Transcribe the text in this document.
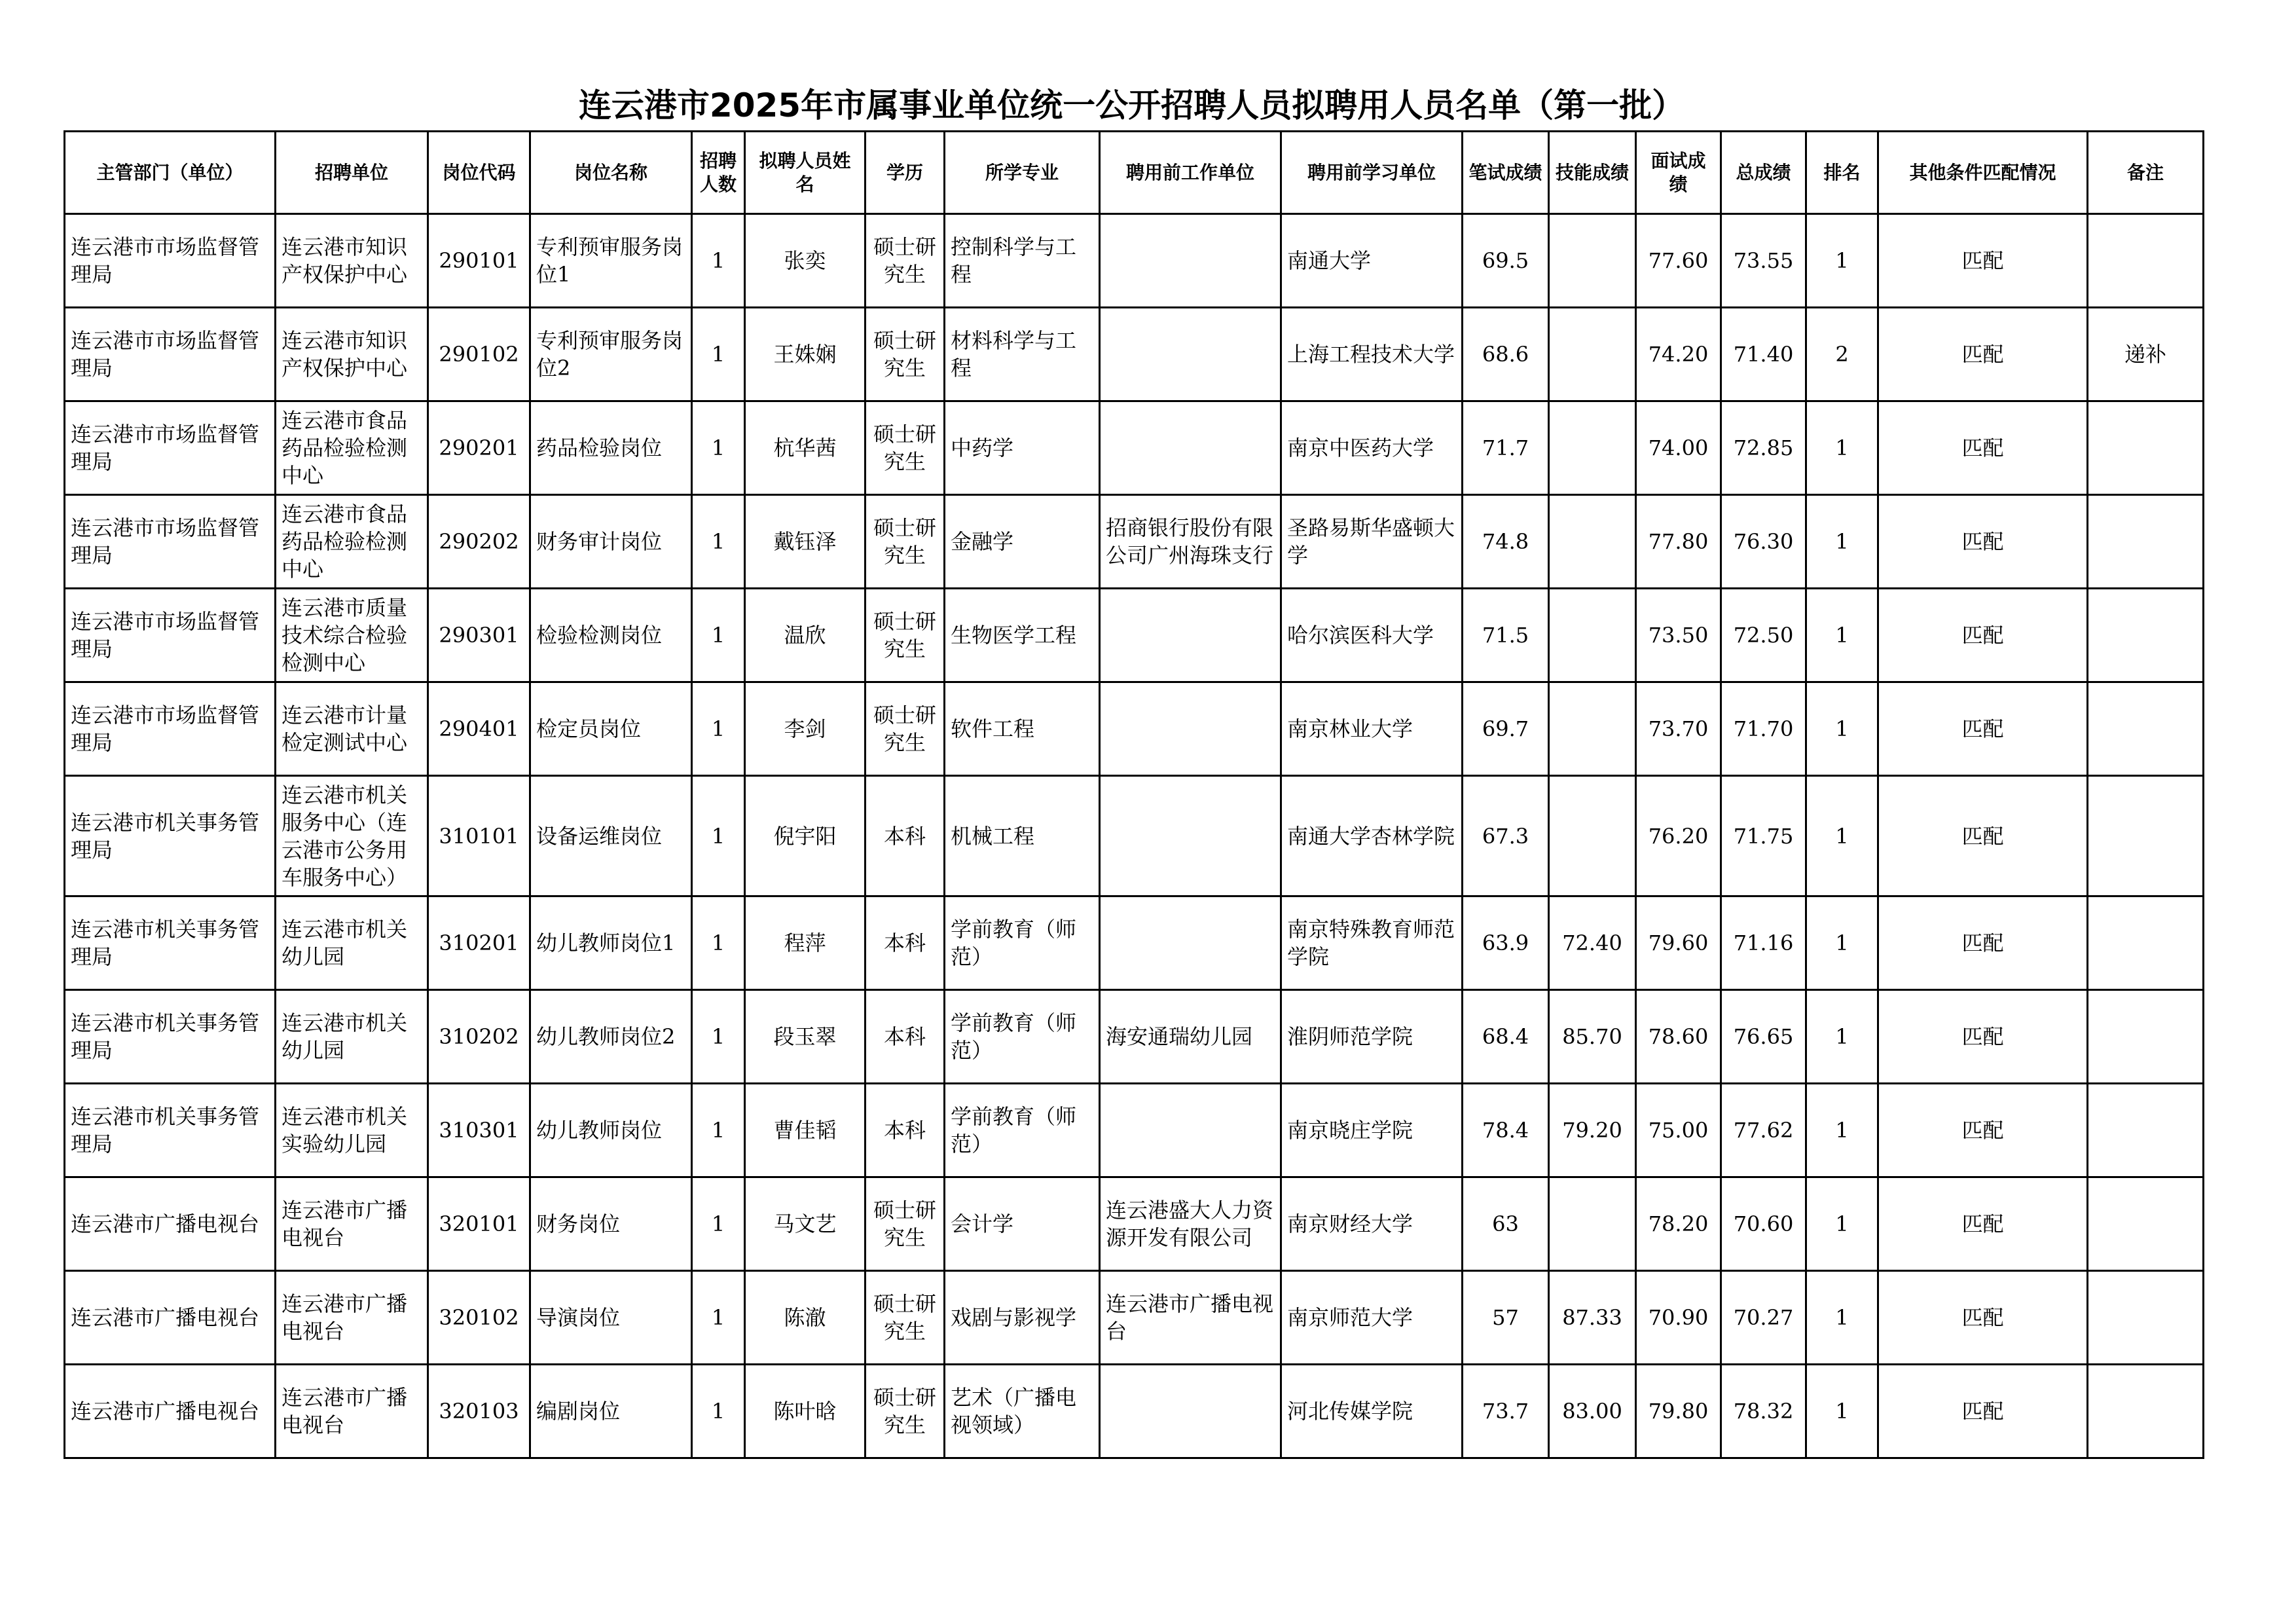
连云港市2025年市属事业单位统一公开招聘人员拟聘用人员名单（第一批）
主管部门（单位）	招聘单位	岗位代码	岗位名称	招聘人数	拟聘人员姓名	学历	所学专业	聘用前工作单位	聘用前学习单位	笔试成绩	技能成绩	面试成绩	总成绩	排名	其他条件匹配情况	备注
连云港市市场监督管理局	连云港市知识产权保护中心	290101	专利预审服务岗位1	1	张奕	硕士研究生	控制科学与工程		南通大学	69.5		77.60	73.55	1	匹配	
连云港市市场监督管理局	连云港市知识产权保护中心	290102	专利预审服务岗位2	1	王姝娴	硕士研究生	材料科学与工程		上海工程技术大学	68.6		74.20	71.40	2	匹配	递补
连云港市市场监督管理局	连云港市食品药品检验检测中心	290201	药品检验岗位	1	杭华茜	硕士研究生	中药学		南京中医药大学	71.7		74.00	72.85	1	匹配	
连云港市市场监督管理局	连云港市食品药品检验检测中心	290202	财务审计岗位	1	戴钰泽	硕士研究生	金融学	招商银行股份有限公司广州海珠支行	圣路易斯华盛顿大学	74.8		77.80	76.30	1	匹配	
连云港市市场监督管理局	连云港市质量技术综合检验检测中心	290301	检验检测岗位	1	温欣	硕士研究生	生物医学工程		哈尔滨医科大学	71.5		73.50	72.50	1	匹配	
连云港市市场监督管理局	连云港市计量检定测试中心	290401	检定员岗位	1	李剑	硕士研究生	软件工程		南京林业大学	69.7		73.70	71.70	1	匹配	
连云港市机关事务管理局	连云港市机关服务中心（连云港市公务用车服务中心）	310101	设备运维岗位	1	倪宇阳	本科	机械工程		南通大学杏林学院	67.3		76.20	71.75	1	匹配	
连云港市机关事务管理局	连云港市机关幼儿园	310201	幼儿教师岗位1	1	程萍	本科	学前教育（师范）		南京特殊教育师范学院	63.9	72.40	79.60	71.16	1	匹配	
连云港市机关事务管理局	连云港市机关幼儿园	310202	幼儿教师岗位2	1	段玉翠	本科	学前教育（师范）	海安通瑞幼儿园	淮阴师范学院	68.4	85.70	78.60	76.65	1	匹配	
连云港市机关事务管理局	连云港市机关实验幼儿园	310301	幼儿教师岗位	1	曹佳韬	本科	学前教育（师范）		南京晓庄学院	78.4	79.20	75.00	77.62	1	匹配	
连云港市广播电视台	连云港市广播电视台	320101	财务岗位	1	马文艺	硕士研究生	会计学	连云港盛大人力资源开发有限公司	南京财经大学	63		78.20	70.60	1	匹配	
连云港市广播电视台	连云港市广播电视台	320102	导演岗位	1	陈澈	硕士研究生	戏剧与影视学	连云港市广播电视台	南京师范大学	57	87.33	70.90	70.27	1	匹配	
连云港市广播电视台	连云港市广播电视台	320103	编剧岗位	1	陈叶晗	硕士研究生	艺术（广播电视领域）		河北传媒学院	73.7	83.00	79.80	78.32	1	匹配	
